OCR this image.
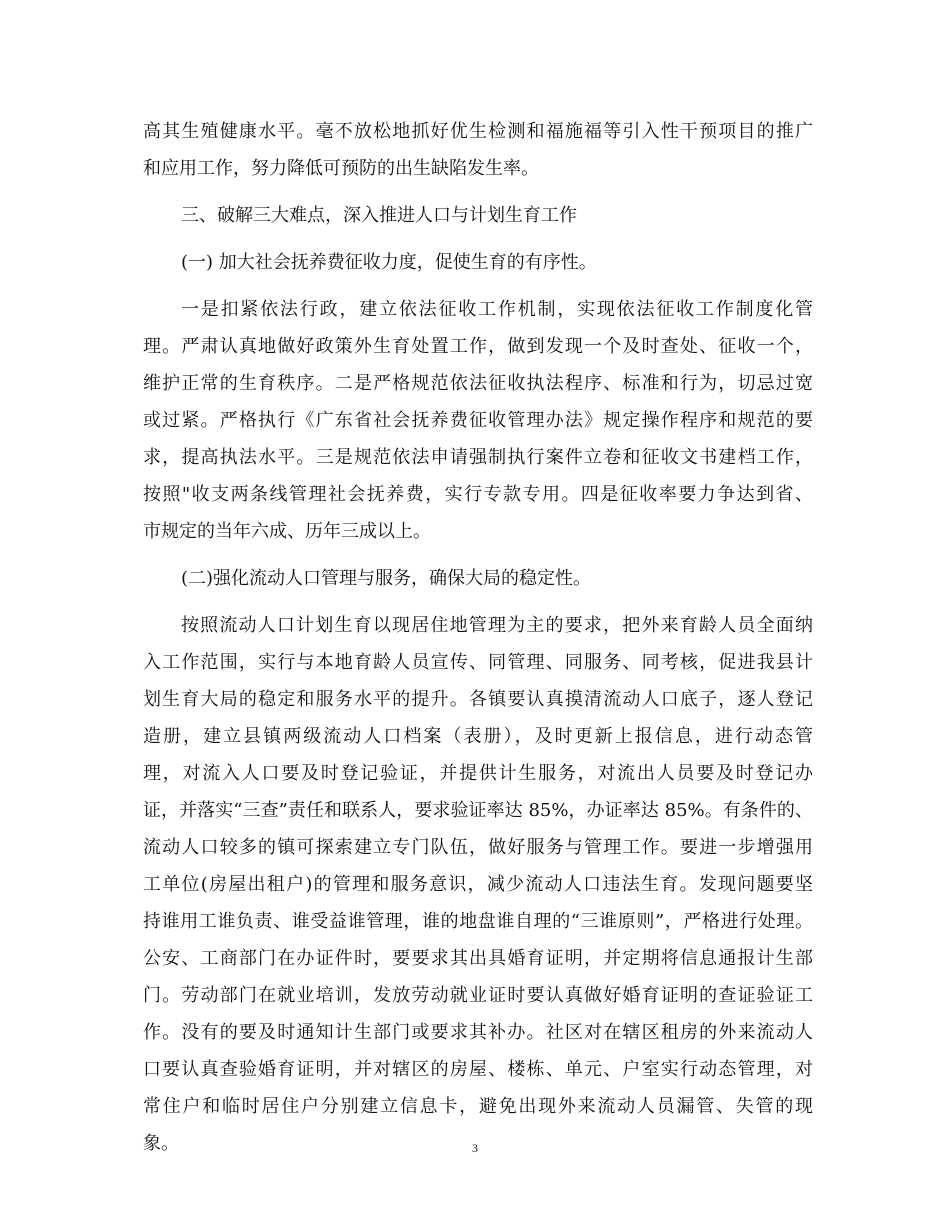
高其生殖健康水平。毫不放松地抓好优生检测和福施福等引入性干预项目的推广

和应用工作，努力降低可预防的出生缺陷发生率。

三、破解三大难点，深入推进人口与计划生育工作

(一) 加大社会抚养费征收力度，促使生育的有序性。

一是扣紧依法行政，建立依法征收工作机制，实现依法征收工作制度化管

理。严肃认真地做好政策外生育处置工作，做到发现一个及时查处、征收一个，

维护正常的生育秩序。二是严格规范依法征收执法程序、标准和行为，切忌过宽

或过紧。严格执行《广东省社会抚养费征收管理办法》规定操作程序和规范的要

求，提高执法水平。三是规范依法申请强制执行案件立卷和征收文书建档工作，

按照"收支两条线管理社会抚养费，实行专款专用。四是征收率要力争达到省、

市规定的当年六成、历年三成以上。

(二)强化流动人口管理与服务，确保大局的稳定性。

按照流动人口计划生育以现居住地管理为主的要求，把外来育龄人员全面纳

入工作范围，实行与本地育龄人员宣传、同管理、同服务、同考核，促进我县计

划生育大局的稳定和服务水平的提升。各镇要认真摸清流动人口底子，逐人登记

造册，建立县镇两级流动人口档案（表册），及时更新上报信息，进行动态管

理，对流入人口要及时登记验证，并提供计生服务，对流出人员要及时登记办

证，并落实“三查”责任和联系人，要求验证率达 85%，办证率达 85%。有条件的、

流动人口较多的镇可探索建立专门队伍，做好服务与管理工作。要进一步增强用

工单位(房屋出租户)的管理和服务意识，减少流动人口违法生育。发现问题要坚

持谁用工谁负责、谁受益谁管理，谁的地盘谁自理的“三谁原则”，严格进行处理。

公安、工商部门在办证件时，要要求其出具婚育证明，并定期将信息通报计生部

门。劳动部门在就业培训，发放劳动就业证时要认真做好婚育证明的查证验证工

作。没有的要及时通知计生部门或要求其补办。社区对在辖区租房的外来流动人

口要认真查验婚育证明，并对辖区的房屋、楼栋、单元、户室实行动态管理，对

常住户和临时居住户分别建立信息卡，避免出现外来流动人员漏管、失管的现

象。	3
